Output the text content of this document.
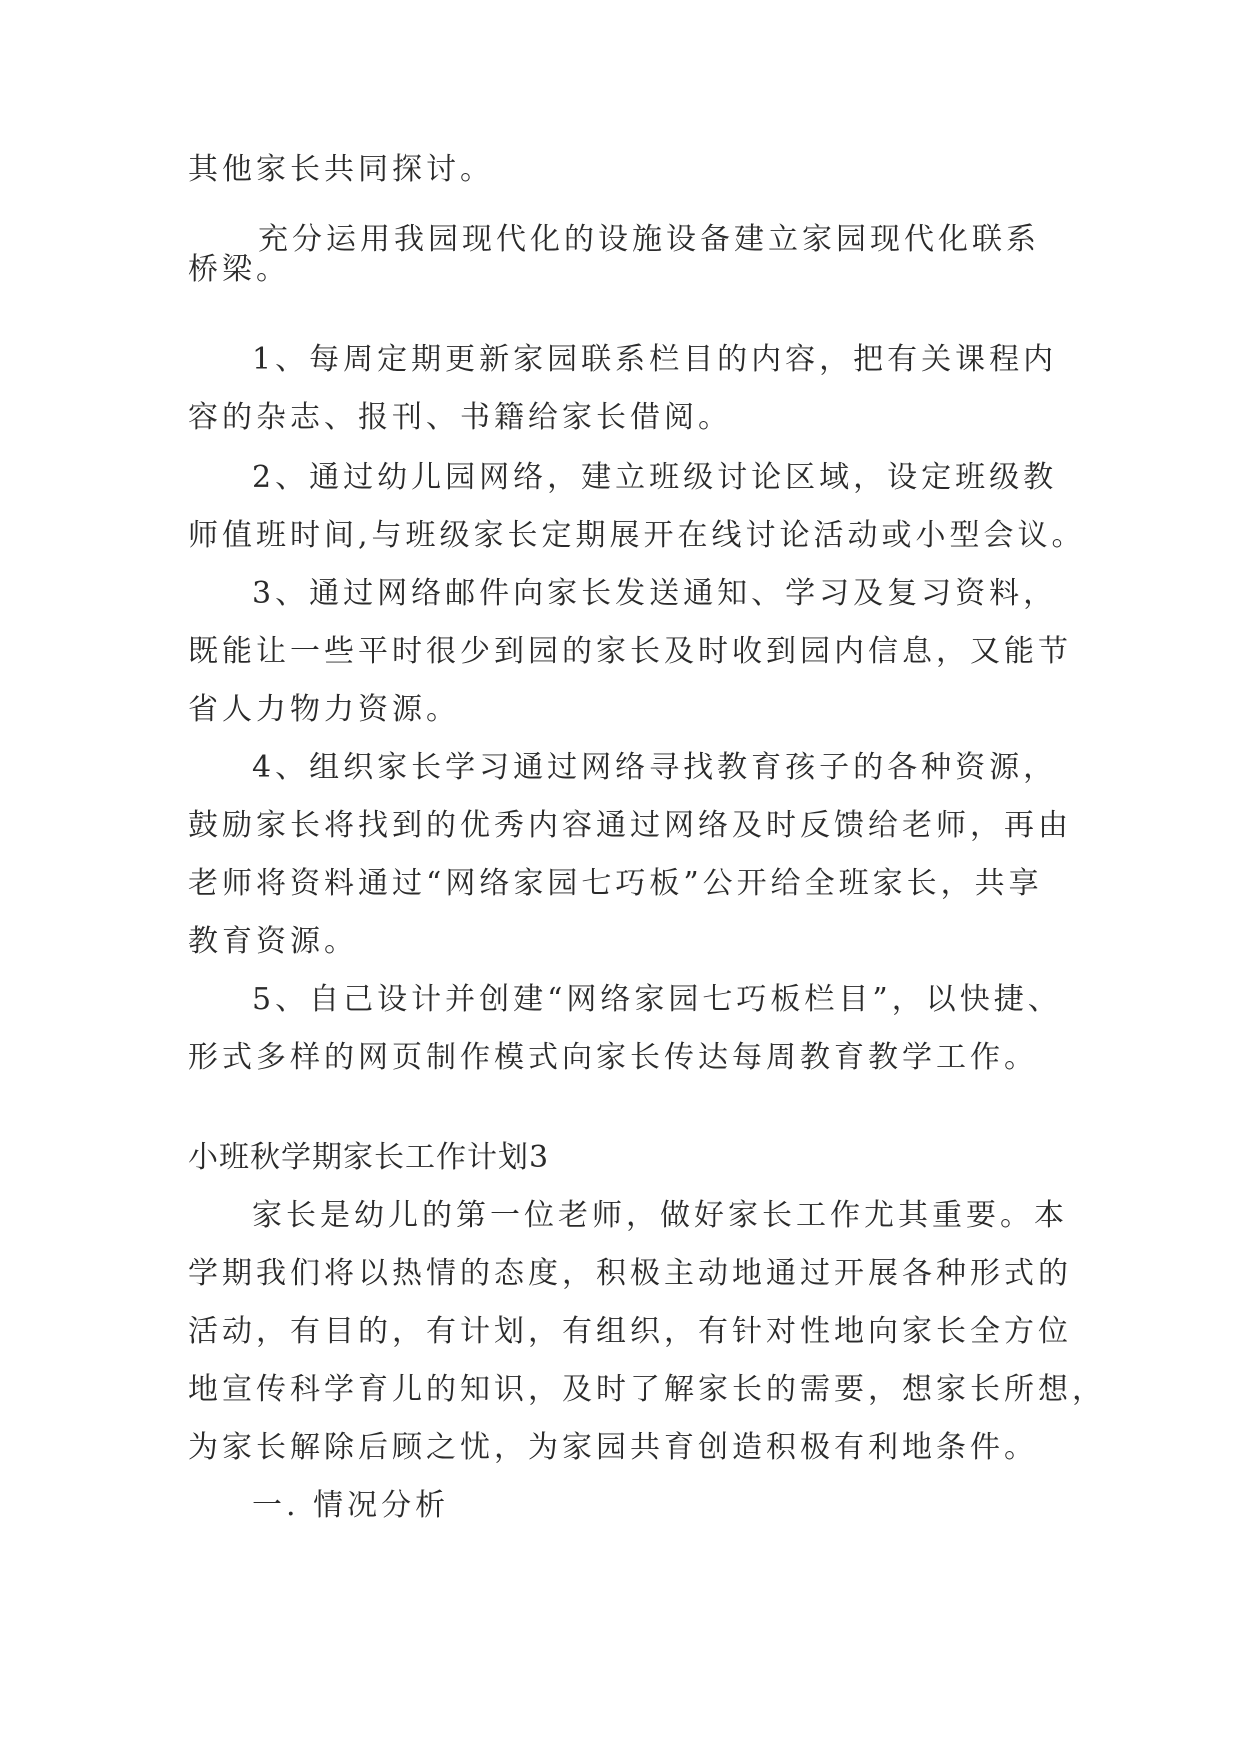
其他家长共同探讨。
充分运用我园现代化的设施设备建立家园现代化联系
桥梁。
1、每周定期更新家园联系栏目的内容，把有关课程内
容的杂志、报刊、书籍给家长借阅。
2、通过幼儿园网络，建立班级讨论区域，设定班级教
师值班时间,与班级家长定期展开在线讨论活动或小型会议。
3、通过网络邮件向家长发送通知、学习及复习资料，
既能让一些平时很少到园的家长及时收到园内信息，又能节
省人力物力资源。
4、组织家长学习通过网络寻找教育孩子的各种资源，
鼓励家长将找到的优秀内容通过网络及时反馈给老师，再由
老师将资料通过“网络家园七巧板”公开给全班家长，共享
教育资源。
5、自己设计并创建“网络家园七巧板栏目”，以快捷、
形式多样的网页制作模式向家长传达每周教育教学工作。
小班秋学期家长工作计划3
家长是幼儿的第一位老师，做好家长工作尤其重要。本
学期我们将以热情的态度，积极主动地通过开展各种形式的
活动，有目的，有计划，有组织，有针对性地向家长全方位
地宣传科学育儿的知识，及时了解家长的需要，想家长所想，
为家长解除后顾之忧，为家园共育创造积极有利地条件。
一. 情况分析
